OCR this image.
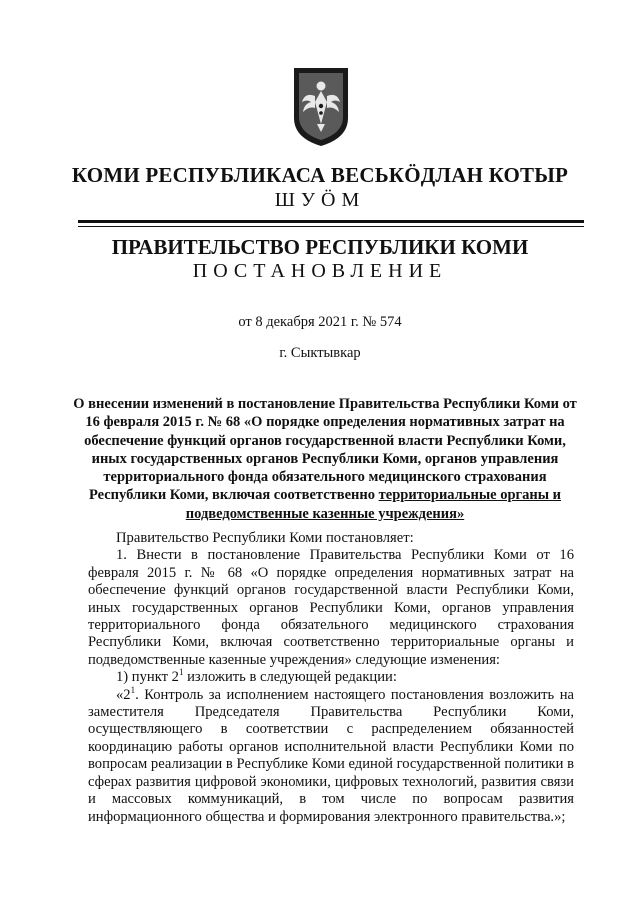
КОМИ РЕСПУБЛИКАСА ВЕСЬКӦДЛАН КОТЫР
ШУӦМ
ПРАВИТЕЛЬСТВО РЕСПУБЛИКИ КОМИ
ПОСТАНОВЛЕНИЕ
от 8 декабря 2021 г. № 574
г. Сыктывкар
О внесении изменений в постановление Правительства Республики Коми от 16 февраля 2015 г. № 68 «О порядке определения нормативных затрат на обеспечение функций органов государственной власти Республики Коми, иных государственных органов Республики Коми, органов управления территориального фонда обязательного медицинского страхования Республики Коми, включая соответственно территориальные органы и подведомственные казенные учреждения»

Правительство Республики Коми постановляет:

1. Внести в постановление Правительства Республики Коми от 16 февраля 2015 г. № 68 «О порядке определения нормативных затрат на обеспечение функций органов государственной власти Республики Коми, иных государственных органов Республики Коми, органов управления территориального фонда обязательного медицинского страхования Республики Коми, включая соответственно территориальные органы и подведомственные казенные учреждения» следующие изменения:

1) пункт $2^1$ изложить в следующей редакции:

«$2^1$. Контроль за исполнением настоящего постановления возложить на заместителя Председателя Правительства Республики Коми, осуществляющего в соответствии с распределением обязанностей координацию работы органов исполнительной власти Республики Коми по вопросам реализации в Республике Коми единой государственной политики в сферах развития цифровой экономики, цифровых технологий, развития связи и массовых коммуникаций, в том числе по вопросам развития информационного общества и формирования электронного правительства.»;
